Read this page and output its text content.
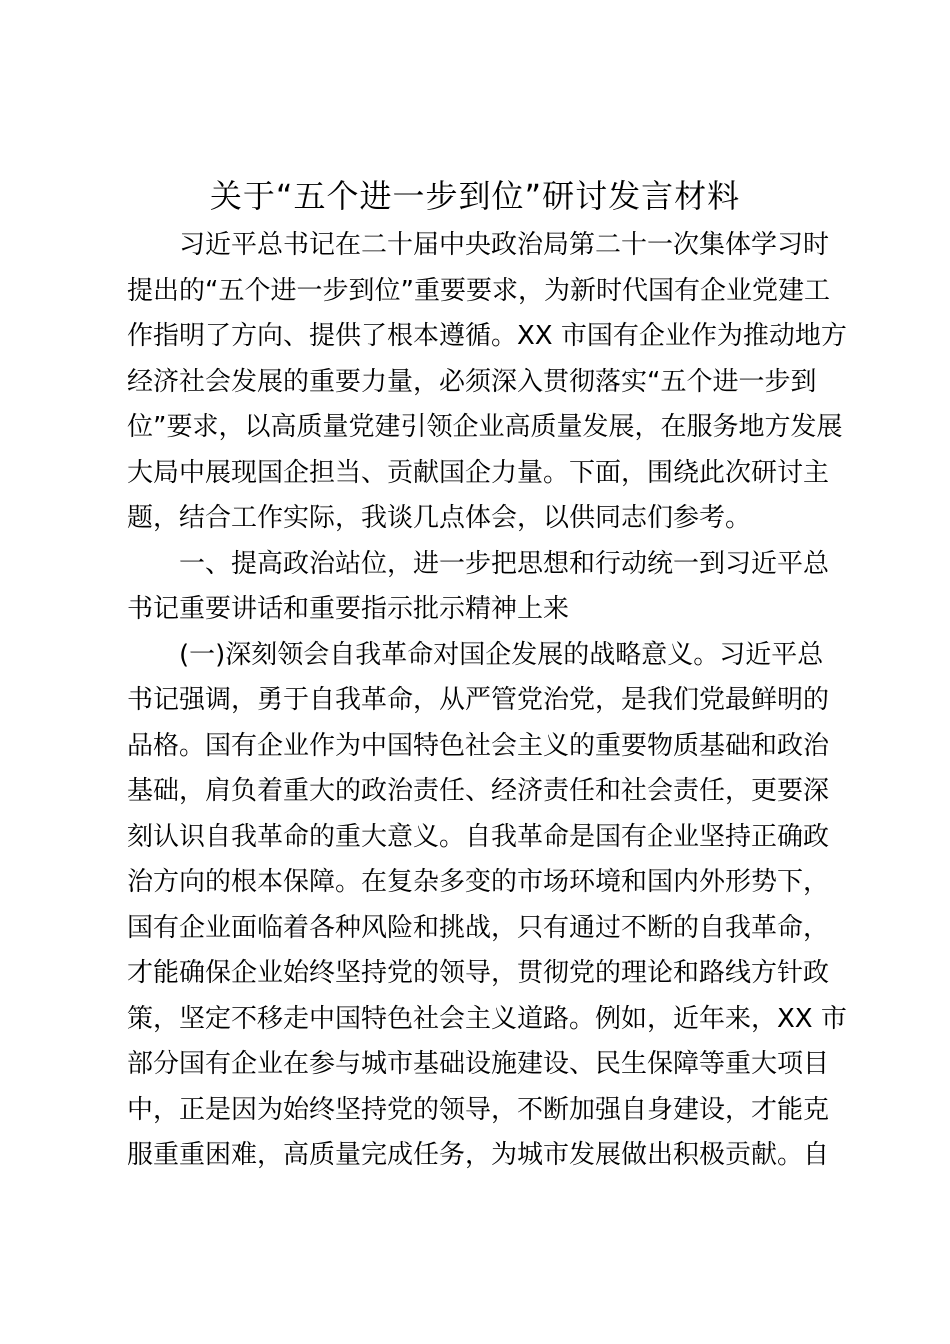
关于“五个进一步到位”研讨发言材料

习近平总书记在二十届中央政治局第二十一次集体学习时

提出的“五个进一步到位”重要要求，为新时代国有企业党建工

作指明了方向、提供了根本遵循。XX 市国有企业作为推动地方

经济社会发展的重要力量，必须深入贯彻落实“五个进一步到

位”要求，以高质量党建引领企业高质量发展，在服务地方发展

大局中展现国企担当、贡献国企力量。下面，围绕此次研讨主

题，结合工作实际，我谈几点体会，以供同志们参考。

一、提高政治站位，进一步把思想和行动统一到习近平总

书记重要讲话和重要指示批示精神上来

(一)深刻领会自我革命对国企发展的战略意义。习近平总

书记强调，勇于自我革命，从严管党治党，是我们党最鲜明的

品格。国有企业作为中国特色社会主义的重要物质基础和政治

基础，肩负着重大的政治责任、经济责任和社会责任，更要深

刻认识自我革命的重大意义。自我革命是国有企业坚持正确政

治方向的根本保障。在复杂多变的市场环境和国内外形势下，

国有企业面临着各种风险和挑战，只有通过不断的自我革命，

才能确保企业始终坚持党的领导，贯彻党的理论和路线方针政

策，坚定不移走中国特色社会主义道路。例如，近年来，XX 市

部分国有企业在参与城市基础设施建设、民生保障等重大项目

中，正是因为始终坚持党的领导，不断加强自身建设，才能克

服重重困难，高质量完成任务，为城市发展做出积极贡献。自
